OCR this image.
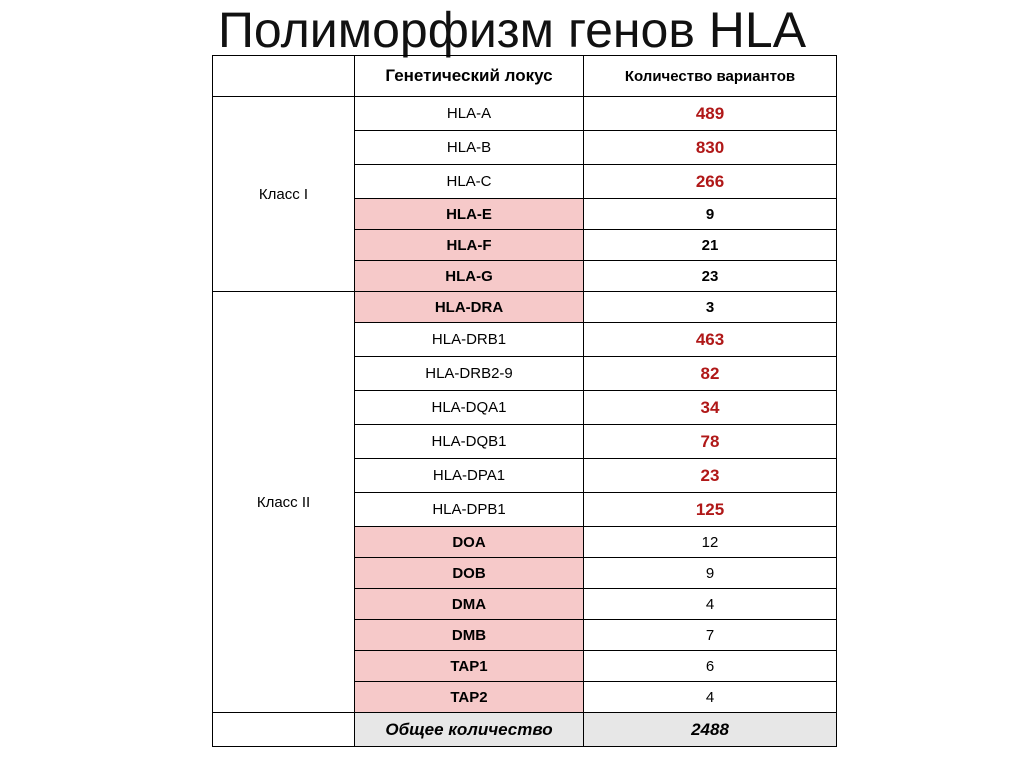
Полиморфизм генов HLA
	Генетический локус	Количество вариантов
Класс I	HLA-A	489
	HLA-B	830
	HLA-C	266
	HLA-E	9
	HLA-F	21
	HLA-G	23
Класс II	HLA-DRA	3
	HLA-DRB1	463
	HLA-DRB2-9	82
	HLA-DQA1	34
	HLA-DQB1	78
	HLA-DPA1	23
	HLA-DPB1	125
	DOA	12
	DOB	9
	DMA	4
	DMB	7
	TAP1	6
	TAP2	4
	Общее количество	2488
